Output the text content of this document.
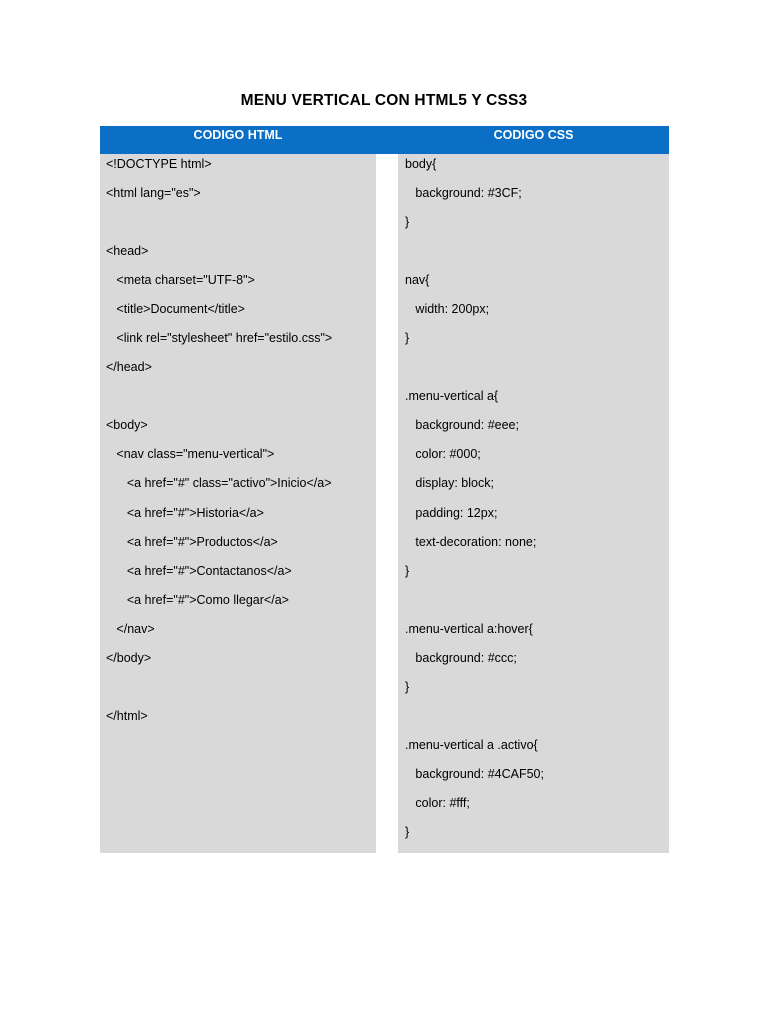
MENU VERTICAL CON HTML5 Y CSS3
CODIGO HTML	CODIGO CSS
<!DOCTYPE html>
<html lang="es">
<head>
<meta charset="UTF-8">
<title>Document</title>
<link rel="stylesheet" href="estilo.css">
</head>
<body>
<nav class="menu-vertical">
<a href="#" class="activo">Inicio</a>
<a href="#">Historia</a>
<a href="#">Productos</a>
<a href="#">Contactanos</a>
<a href="#">Como llegar</a>
</nav>
</body>
</html>
body{
background: #3CF;
}
nav{
width: 200px;
}
.menu-vertical a{
background: #eee;
color: #000;
display: block;
padding: 12px;
text-decoration: none;
}
.menu-vertical a:hover{
background: #ccc;
}
.menu-vertical a .activo{
background: #4CAF50;
color: #fff;
}
